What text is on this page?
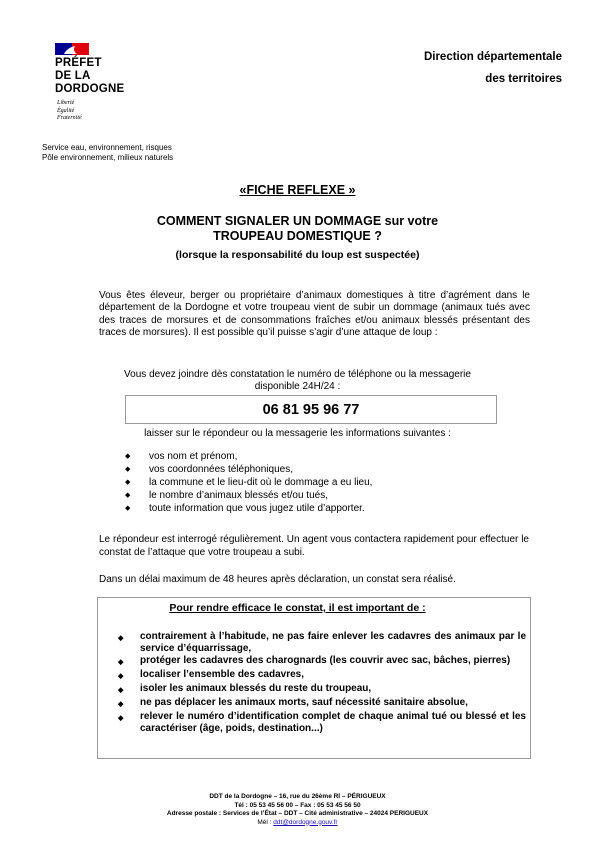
PRÉFET
DE LA
DORDOGNE
Liberté
Égalité
Fraternité
Direction départementale
des territoires
Service eau, environnement, risques
Pôle environnement, milieux naturels
«FICHE REFLEXE »
COMMENT SIGNALER UN DOMMAGE sur votre
TROUPEAU DOMESTIQUE ?
(lorsque la responsabilité du loup est suspectée)
Vous êtes éleveur, berger ou propriétaire d’animaux domestiques à titre d’agrément dans le département de la Dordogne et votre troupeau vient de subir un dommage (animaux tués avec des traces de morsures et de consommations fraîches et/ou animaux blessés présentant des traces de morsures). Il est possible qu’il puisse s’agir d’une attaque de loup :
Vous devez joindre dès constatation le numéro de téléphone ou la messagerie
disponible 24H/24 :
06 81 95 96 77
laisser sur le répondeur ou la messagerie les informations suivantes :
◆	vos nom et prénom,
◆	vos coordonnées téléphoniques,
◆	la commune et le lieu-dit où le dommage a eu lieu,
◆	le nombre d’animaux blessés et/ou tués,
◆	toute information que vous jugez utile d’apporter.
Le répondeur est interrogé régulièrement. Un agent vous contactera rapidement pour effectuer le constat de l’attaque que votre troupeau a subi.
Dans un délai maximum de 48 heures après déclaration, un constat sera réalisé.
Pour rendre efficace le constat, il est important de :
◆	contrairement à l’habitude, ne pas faire enlever les cadavres des animaux par le service d’équarrissage,
◆	protéger les cadavres des charognards (les couvrir avec sac, bâches, pierres)
◆	localiser l’ensemble des cadavres,
◆	isoler les animaux blessés du reste du troupeau,
◆	ne pas déplacer les animaux morts, sauf nécessité sanitaire absolue,
◆	relever le numéro d’identification complet de chaque animal tué ou blessé et les caractériser (âge, poids, destination...)
DDT de la Dordogne – 16, rue du 26ème RI – PÉRIGUEUX
Tél : 05 53 45 56 00 – Fax : 05 53 45 56 50
Adresse postale : Services de l’État – DDT – Cité administrative – 24024 PERIGUEUX
Mél : ddt@dordogne.gouv.fr
